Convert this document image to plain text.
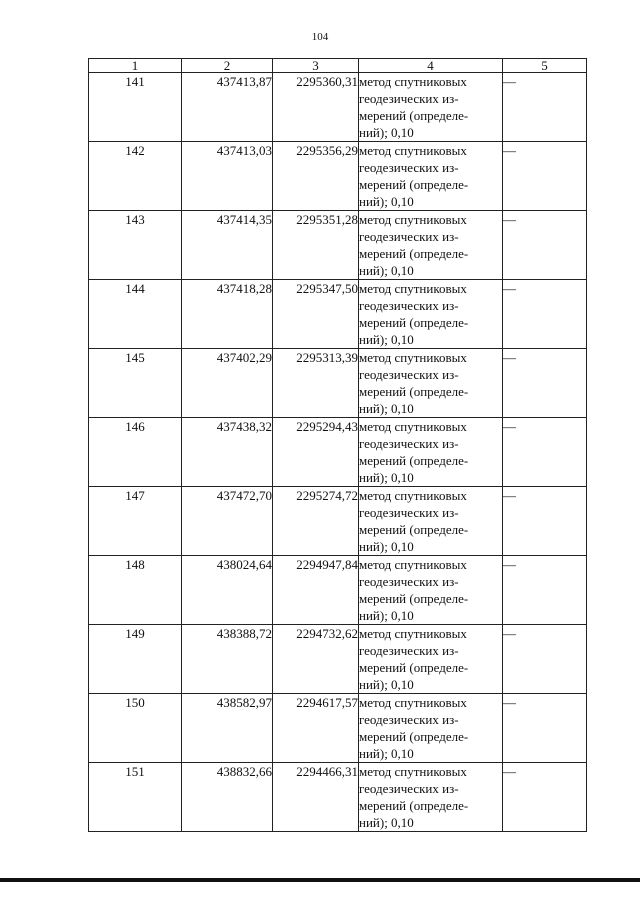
104
1	2	3	4	5
141	437413,87	2295360,31	метод спутниковых
геодезических из-
мерений (определе-
ний); 0,10	—
142	437413,03	2295356,29	метод спутниковых
геодезических из-
мерений (определе-
ний); 0,10	—
143	437414,35	2295351,28	метод спутниковых
геодезических из-
мерений (определе-
ний); 0,10	—
144	437418,28	2295347,50	метод спутниковых
геодезических из-
мерений (определе-
ний); 0,10	—
145	437402,29	2295313,39	метод спутниковых
геодезических из-
мерений (определе-
ний); 0,10	—
146	437438,32	2295294,43	метод спутниковых
геодезических из-
мерений (определе-
ний); 0,10	—
147	437472,70	2295274,72	метод спутниковых
геодезических из-
мерений (определе-
ний); 0,10	—
148	438024,64	2294947,84	метод спутниковых
геодезических из-
мерений (определе-
ний); 0,10	—
149	438388,72	2294732,62	метод спутниковых
геодезических из-
мерений (определе-
ний); 0,10	—
150	438582,97	2294617,57	метод спутниковых
геодезических из-
мерений (определе-
ний); 0,10	—
151	438832,66	2294466,31	метод спутниковых
геодезических из-
мерений (определе-
ний); 0,10	—
